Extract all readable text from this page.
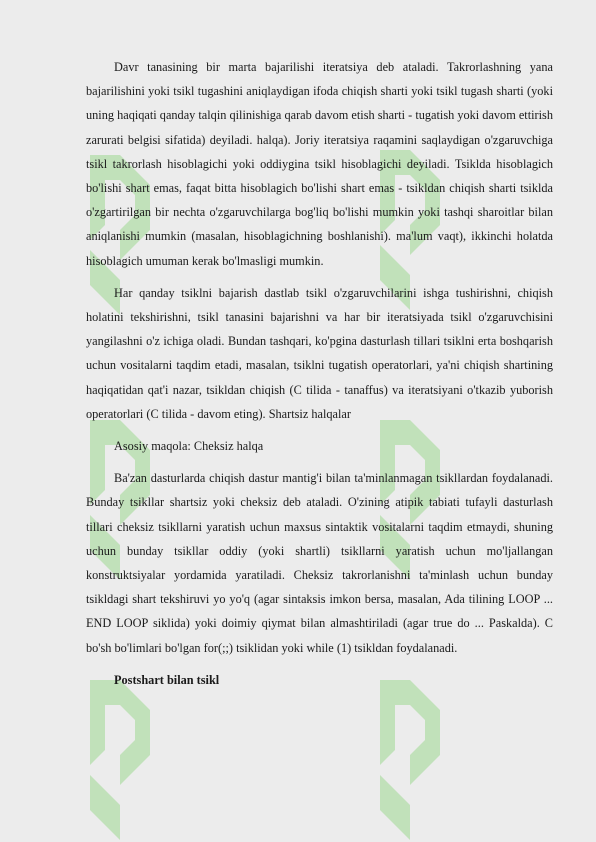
Davr tanasining bir marta bajarilishi iteratsiya deb ataladi. Takrorlashning yana bajarilishini yoki tsikl tugashini aniqlaydigan ifoda chiqish sharti yoki tsikl tugash sharti (yoki uning haqiqati qanday talqin qilinishiga qarab davom etish sharti - tugatish yoki davom ettirish zarurati belgisi sifatida) deyiladi. halqa). Joriy iteratsiya raqamini saqlaydigan o'zgaruvchiga tsikl takrorlash hisoblagichi yoki oddiygina tsikl hisoblagichi deyiladi. Tsiklda hisoblagich bo'lishi shart emas, faqat bitta hisoblagich bo'lishi shart emas - tsikldan chiqish sharti tsiklda o'zgartirilgan bir nechta o'zgaruvchilarga bog'liq bo'lishi mumkin yoki tashqi sharoitlar bilan aniqlanishi mumkin (masalan, hisoblagichning boshlanishi). ma'lum vaqt), ikkinchi holatda hisoblagich umuman kerak bo'lmasligi mumkin.

Har qanday tsiklni bajarish dastlab tsikl o'zgaruvchilarini ishga tushirishni, chiqish holatini tekshirishni, tsikl tanasini bajarishni va har bir iteratsiyada tsikl o'zgaruvchisini yangilashni o'z ichiga oladi. Bundan tashqari, ko'pgina dasturlash tillari tsiklni erta boshqarish uchun vositalarni taqdim etadi, masalan, tsiklni tugatish operatorlari, ya'ni chiqish shartining haqiqatidan qat'i nazar, tsikldan chiqish (C tilida - tanaffus) va iteratsiyani o'tkazib yuborish operatorlari (C tilida - davom eting). Shartsiz halqalar

Asosiy maqola: Cheksiz halqa

Ba'zan dasturlarda chiqish dastur mantig'i bilan ta'minlanmagan tsikllardan foydalanadi. Bunday tsikllar shartsiz yoki cheksiz deb ataladi. O'zining atipik tabiati tufayli dasturlash tillari cheksiz tsikllarni yaratish uchun maxsus sintaktik vositalarni taqdim etmaydi, shuning uchun bunday tsikllar oddiy (yoki shartli) tsikllarni yaratish uchun mo'ljallangan konstruktsiyalar yordamida yaratiladi. Cheksiz takrorlanishni ta'minlash uchun bunday tsikldagi shart tekshiruvi yo yo'q (agar sintaksis imkon bersa, masalan, Ada tilining LOOP ... END LOOP siklida) yoki doimiy qiymat bilan almashtiriladi (agar true do ... Paskalda). C bo'sh bo'limlari bo'lgan for(;;) tsiklidan yoki while (1) tsikldan foydalanadi.

Postshart bilan tsikl
